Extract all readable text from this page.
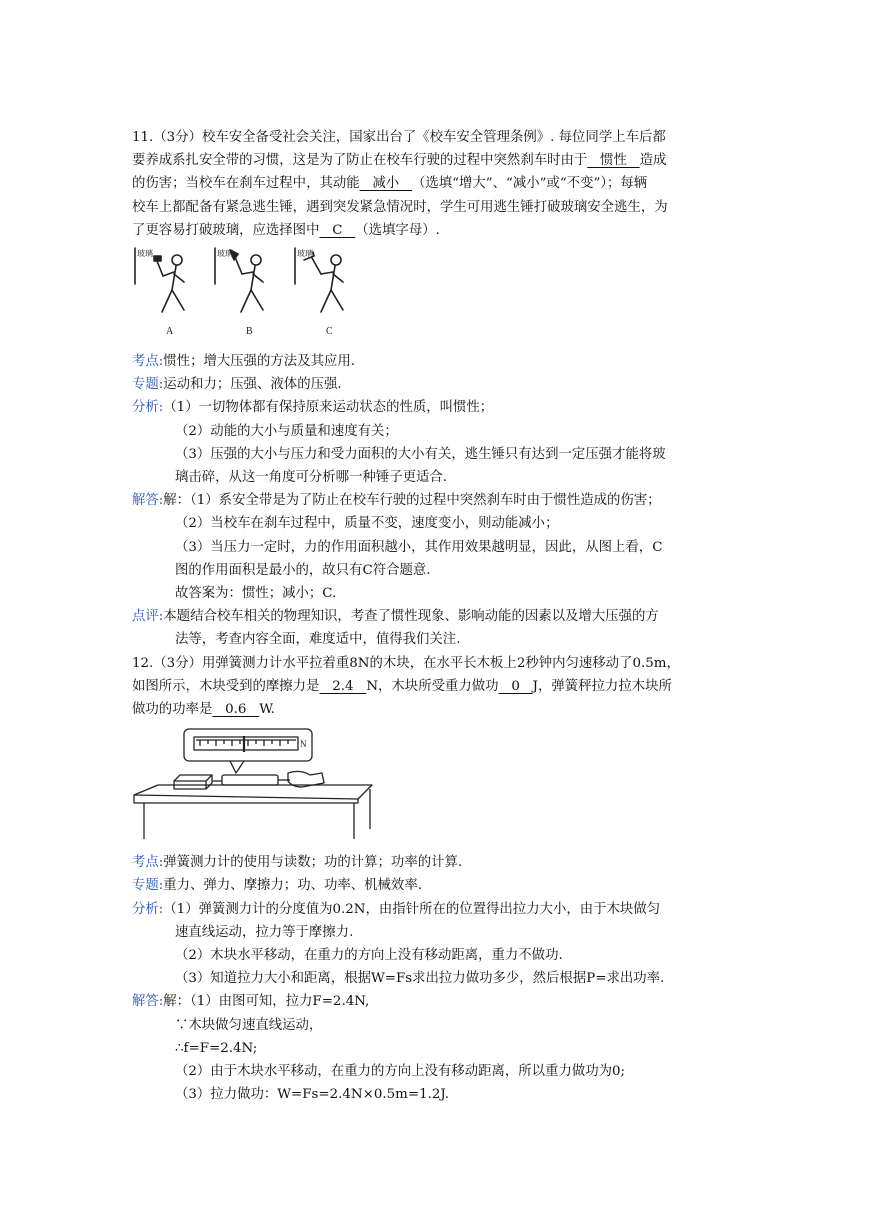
11.（3分）校车安全备受社会关注，国家出台了《校车安全管理条例》. 每位同学上车后都

要养成系扎安全带的习惯，这是为了防止在校车行驶的过程中突然刹车时由于   惯性   造成

的伤害；当校车在刹车过程中，其动能   减小   （选填“增大”、“减小”或“不变”）；每辆

校车上都配备有紧急逃生锤，遇到突发紧急情况时，学生可用逃生锤打破玻璃安全逃生，为

了更容易打破玻璃，应选择图中   C   （选填字母）.

玻璃	玻璃	玻璃
A	B	C

考点:惯性；增大压强的方法及其应用.

专题:运动和力；压强、液体的压强.

分析:（1）一切物体都有保持原来运动状态的性质，叫惯性；

（2）动能的大小与质量和速度有关；

（3）压强的大小与压力和受力面积的大小有关，逃生锤只有达到一定压强才能将玻

璃击碎，从这一角度可分析哪一种锤子更适合.

解答:解：（1）系安全带是为了防止在校车行驶的过程中突然刹车时由于惯性造成的伤害；

（2）当校车在刹车过程中，质量不变，速度变小，则动能减小；

（3）当压力一定时，力的作用面积越小，其作用效果越明显，因此，从图上看，C

图的作用面积是最小的，故只有C符合题意.

故答案为：惯性；减小；C.

点评:本题结合校车相关的物理知识，考查了惯性现象、影响动能的因素以及增大压强的方

法等，考查内容全面，难度适中，值得我们关注.

12.（3分）用弹簧测力计水平拉着重8N的木块，在水平长木板上2秒钟内匀速移动了0.5m，

如图所示，木块受到的摩擦力是   2.4   N，木块所受重力做功   0   J，弹簧秤拉力拉木块所

做功的功率是   0.6   W.

N

考点:弹簧测力计的使用与读数；功的计算；功率的计算.

专题:重力、弹力、摩擦力；功、功率、机械效率.

分析:（1）弹簧测力计的分度值为0.2N，由指针所在的位置得出拉力大小，由于木块做匀

速直线运动，拉力等于摩擦力.

（2）木块水平移动，在重力的方向上没有移动距离，重力不做功.

（3）知道拉力大小和距离，根据W=Fs求出拉力做功多少，然后根据P=求出功率.

解答:解：（1）由图可知，拉力F=2.4N,

∵木块做匀速直线运动，

∴f=F=2.4N;

（2）由于木块水平移动，在重力的方向上没有移动距离，所以重力做功为0;

（3）拉力做功：W=Fs=2.4N×0.5m=1.2J.
